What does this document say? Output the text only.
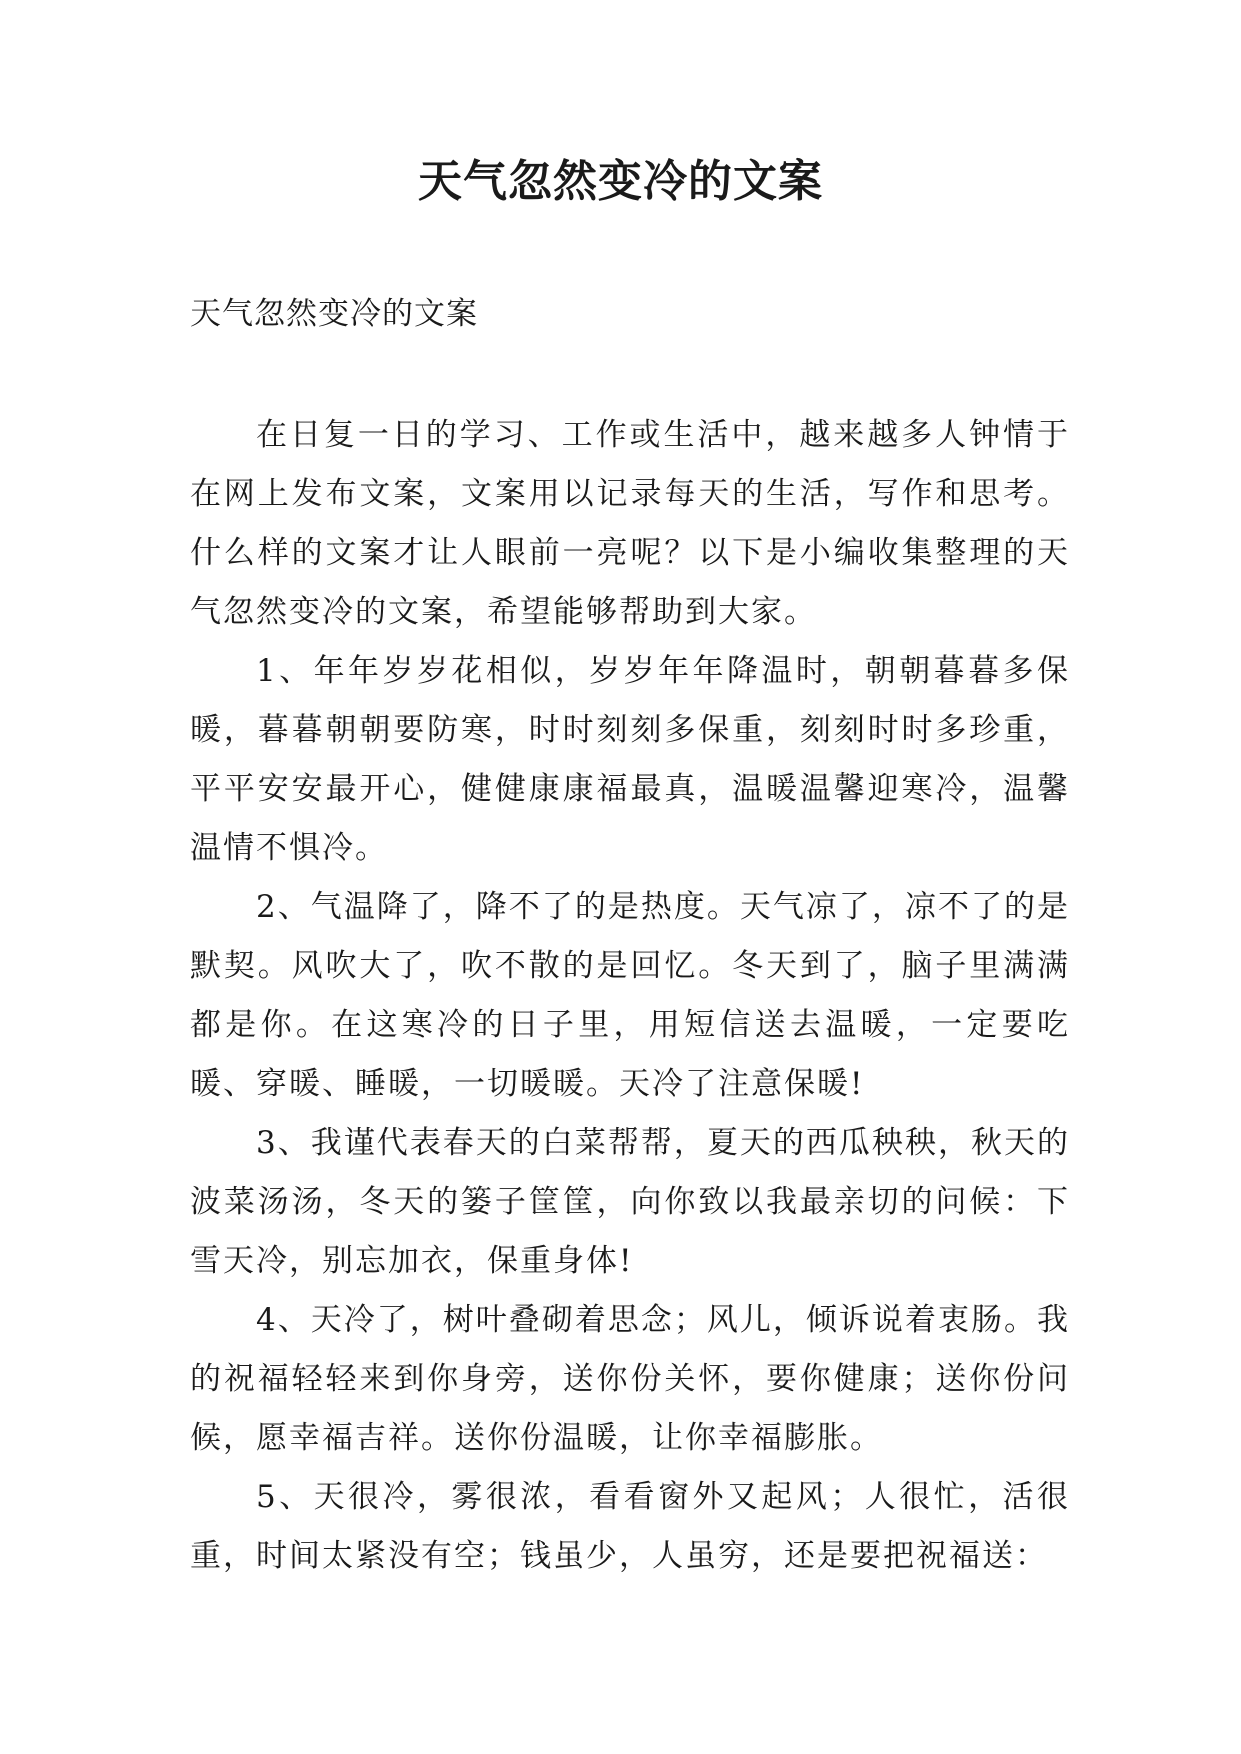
天气忽然变冷的文案

天气忽然变冷的文案

在日复一日的学习、工作或生活中，越来越多人钟情于在网上发布文案，文案用以记录每天的生活，写作和思考。什么样的文案才让人眼前一亮呢？以下是小编收集整理的天气忽然变冷的文案，希望能够帮助到大家。

1、年年岁岁花相似，岁岁年年降温时，朝朝暮暮多保暖，暮暮朝朝要防寒，时时刻刻多保重，刻刻时时多珍重，平平安安最开心，健健康康福最真，温暖温馨迎寒冷，温馨温情不惧冷。

2、气温降了，降不了的是热度。天气凉了，凉不了的是默契。风吹大了，吹不散的是回忆。冬天到了，脑子里满满都是你。在这寒冷的日子里，用短信送去温暖，一定要吃暖、穿暖、睡暖，一切暖暖。天冷了注意保暖!

3、我谨代表春天的白菜帮帮，夏天的西瓜秧秧，秋天的波菜汤汤，冬天的篓子筐筐，向你致以我最亲切的问候：下雪天冷，别忘加衣，保重身体!

4、天冷了，树叶叠砌着思念；风儿，倾诉说着衷肠。我的祝福轻轻来到你身旁，送你份关怀，要你健康；送你份问候，愿幸福吉祥。送你份温暖，让你幸福膨胀。

5、天很冷，雾很浓，看看窗外又起风；人很忙，活很重，时间太紧没有空；钱虽少，人虽穷，还是要把祝福送：
